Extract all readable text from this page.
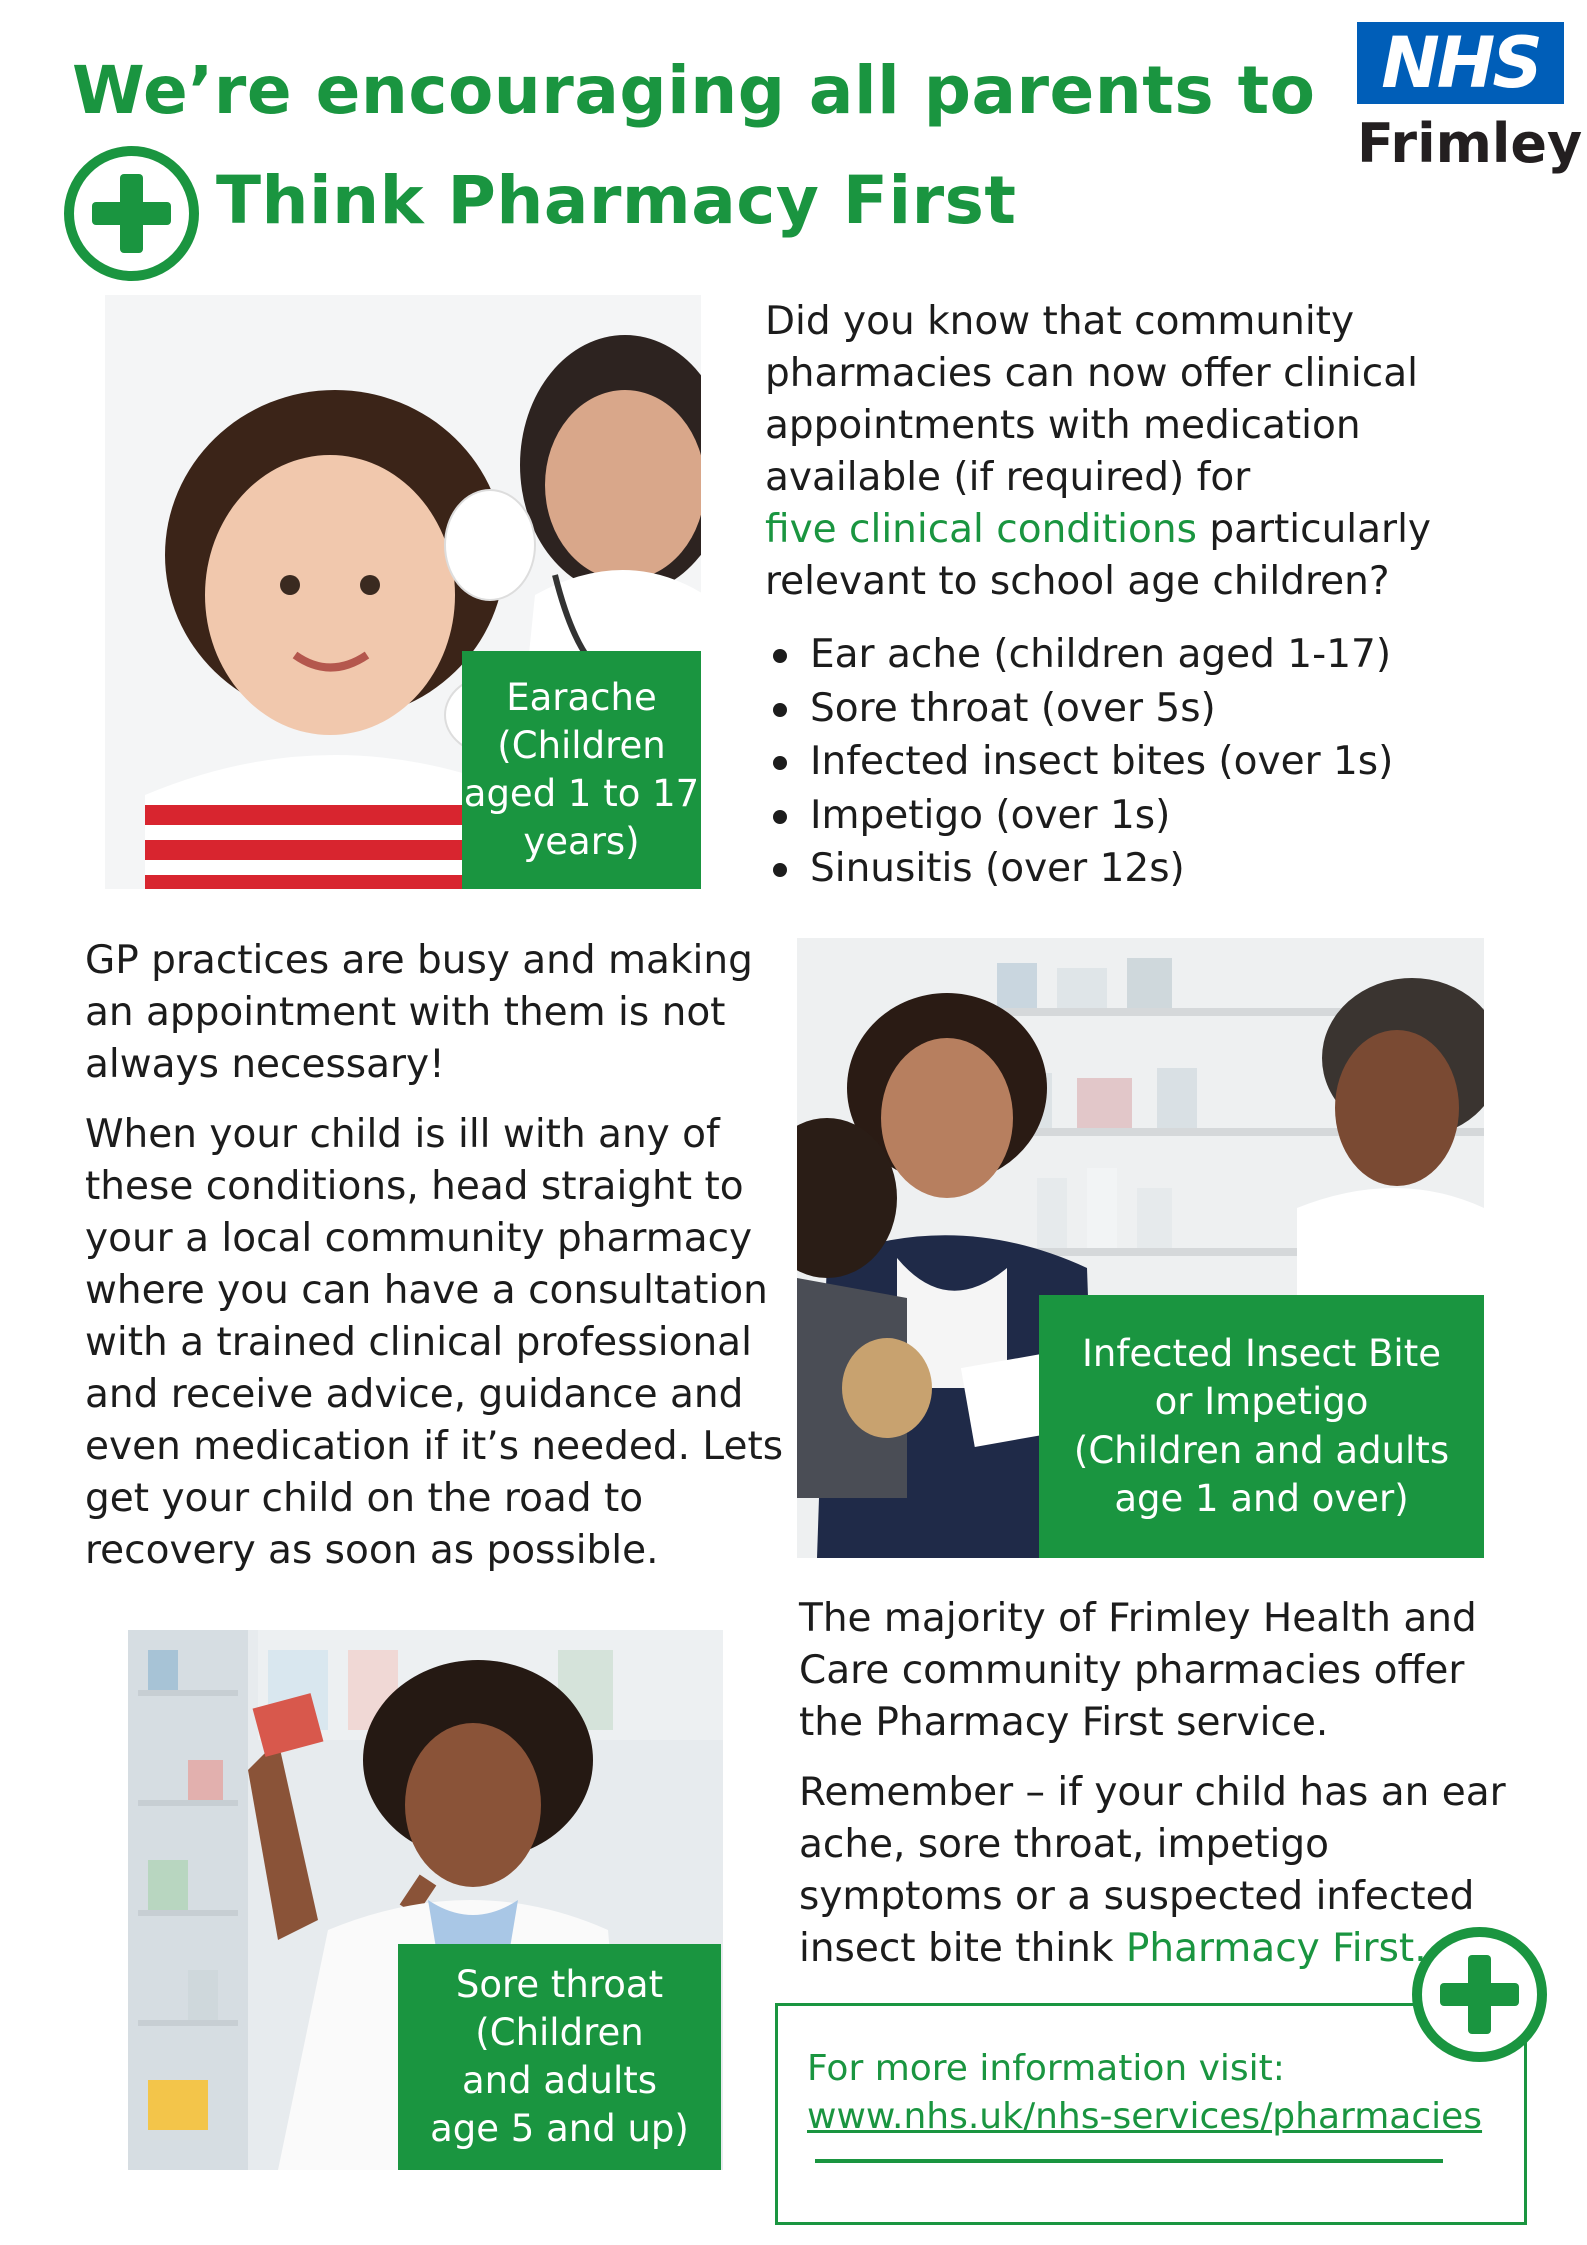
We’re encouraging all parents to
Think Pharmacy First
NHS
Frimley
Earache
(Children
aged 1 to 17
years)
Did you know that community
pharmacies can now offer clinical
appointments with medication
available (if required) for
five clinical conditions particularly
relevant to school age children?
Ear ache (children aged 1-17)
Sore throat (over 5s)
Infected insect bites (over 1s)
Impetigo (over 1s)
Sinusitis (over 12s)
GP practices are busy and making
an appointment with them is not
always necessary!
When your child is ill with any of
these conditions, head straight to
your a local community pharmacy
where you can have a consultation
with a trained clinical professional
and receive advice, guidance and
even medication if it’s needed. Lets
get your child on the road to
recovery as soon as possible.
Infected Insect Bite
or Impetigo
(Children and adults
age 1 and over)
The majority of Frimley Health and
Care community pharmacies offer
the Pharmacy First service.
Remember – if your child has an ear
ache, sore throat, impetigo
symptoms or a suspected infected
insect bite think Pharmacy First.
Sore throat
(Children
and adults
age 5 and up)
For more information visit:
www.nhs.uk/nhs-services/pharmacies
